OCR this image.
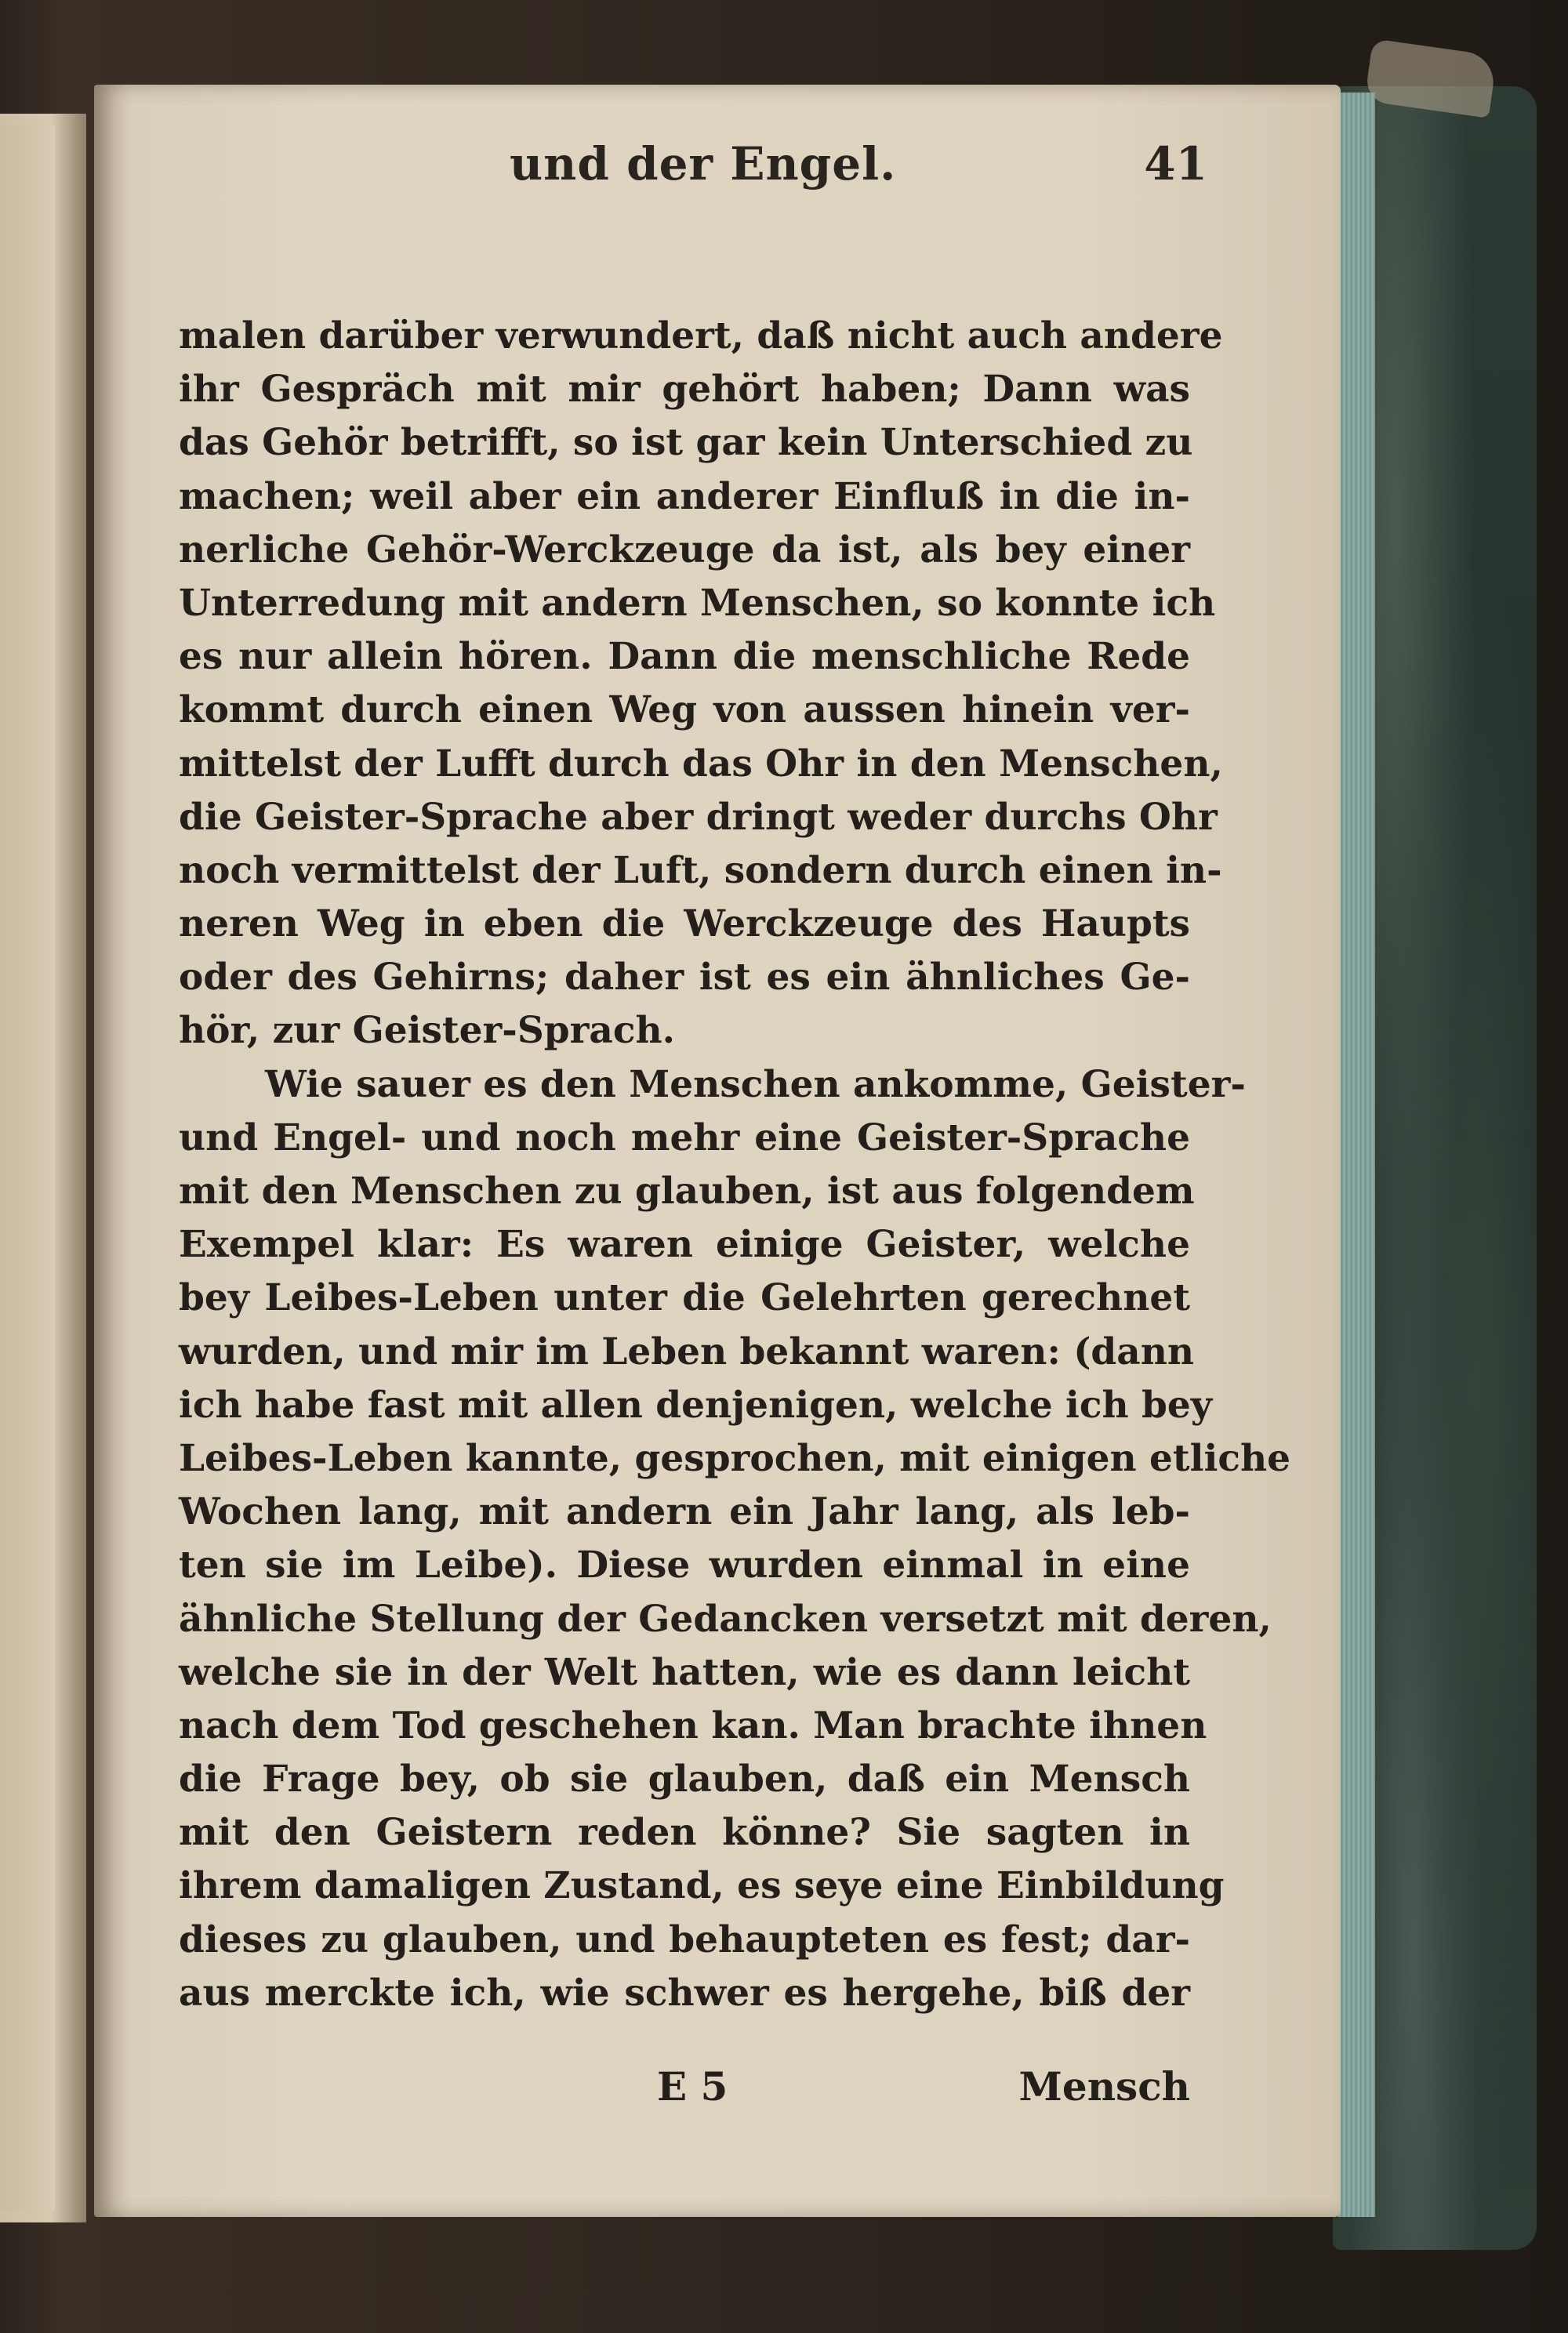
und der Engel.	41
malen darüber verwundert, daß nicht auch andere
ihr Gespräch mit mir gehört haben; Dann was
das Gehör betrifft, so ist gar kein Unterschied zu
machen; weil aber ein anderer Einfluß in die in-
nerliche Gehör-Werckzeuge da ist, als bey einer
Unterredung mit andern Menschen, so konnte ich
es nur allein hören. Dann die menschliche Rede
kommt durch einen Weg von aussen hinein ver-
mittelst der Lufft durch das Ohr in den Menschen,
die Geister-Sprache aber dringt weder durchs Ohr
noch vermittelst der Luft, sondern durch einen in-
neren Weg in eben die Werckzeuge des Haupts
oder des Gehirns; daher ist es ein ähnliches Ge-
hör, zur Geister-Sprach.
Wie sauer es den Menschen ankomme, Geister-
und Engel- und noch mehr eine Geister-Sprache
mit den Menschen zu glauben, ist aus folgendem
Exempel klar: Es waren einige Geister, welche
bey Leibes-Leben unter die Gelehrten gerechnet
wurden, und mir im Leben bekannt waren: (dann
ich habe fast mit allen denjenigen, welche ich bey
Leibes-Leben kannte, gesprochen, mit einigen etliche
Wochen lang, mit andern ein Jahr lang, als leb-
ten sie im Leibe). Diese wurden einmal in eine
ähnliche Stellung der Gedancken versetzt mit deren,
welche sie in der Welt hatten, wie es dann leicht
nach dem Tod geschehen kan. Man brachte ihnen
die Frage bey, ob sie glauben, daß ein Mensch
mit den Geistern reden könne? Sie sagten in
ihrem damaligen Zustand, es seye eine Einbildung
dieses zu glauben, und behaupteten es fest; dar-
aus merckte ich, wie schwer es hergehe, biß der
E 5	Mensch
